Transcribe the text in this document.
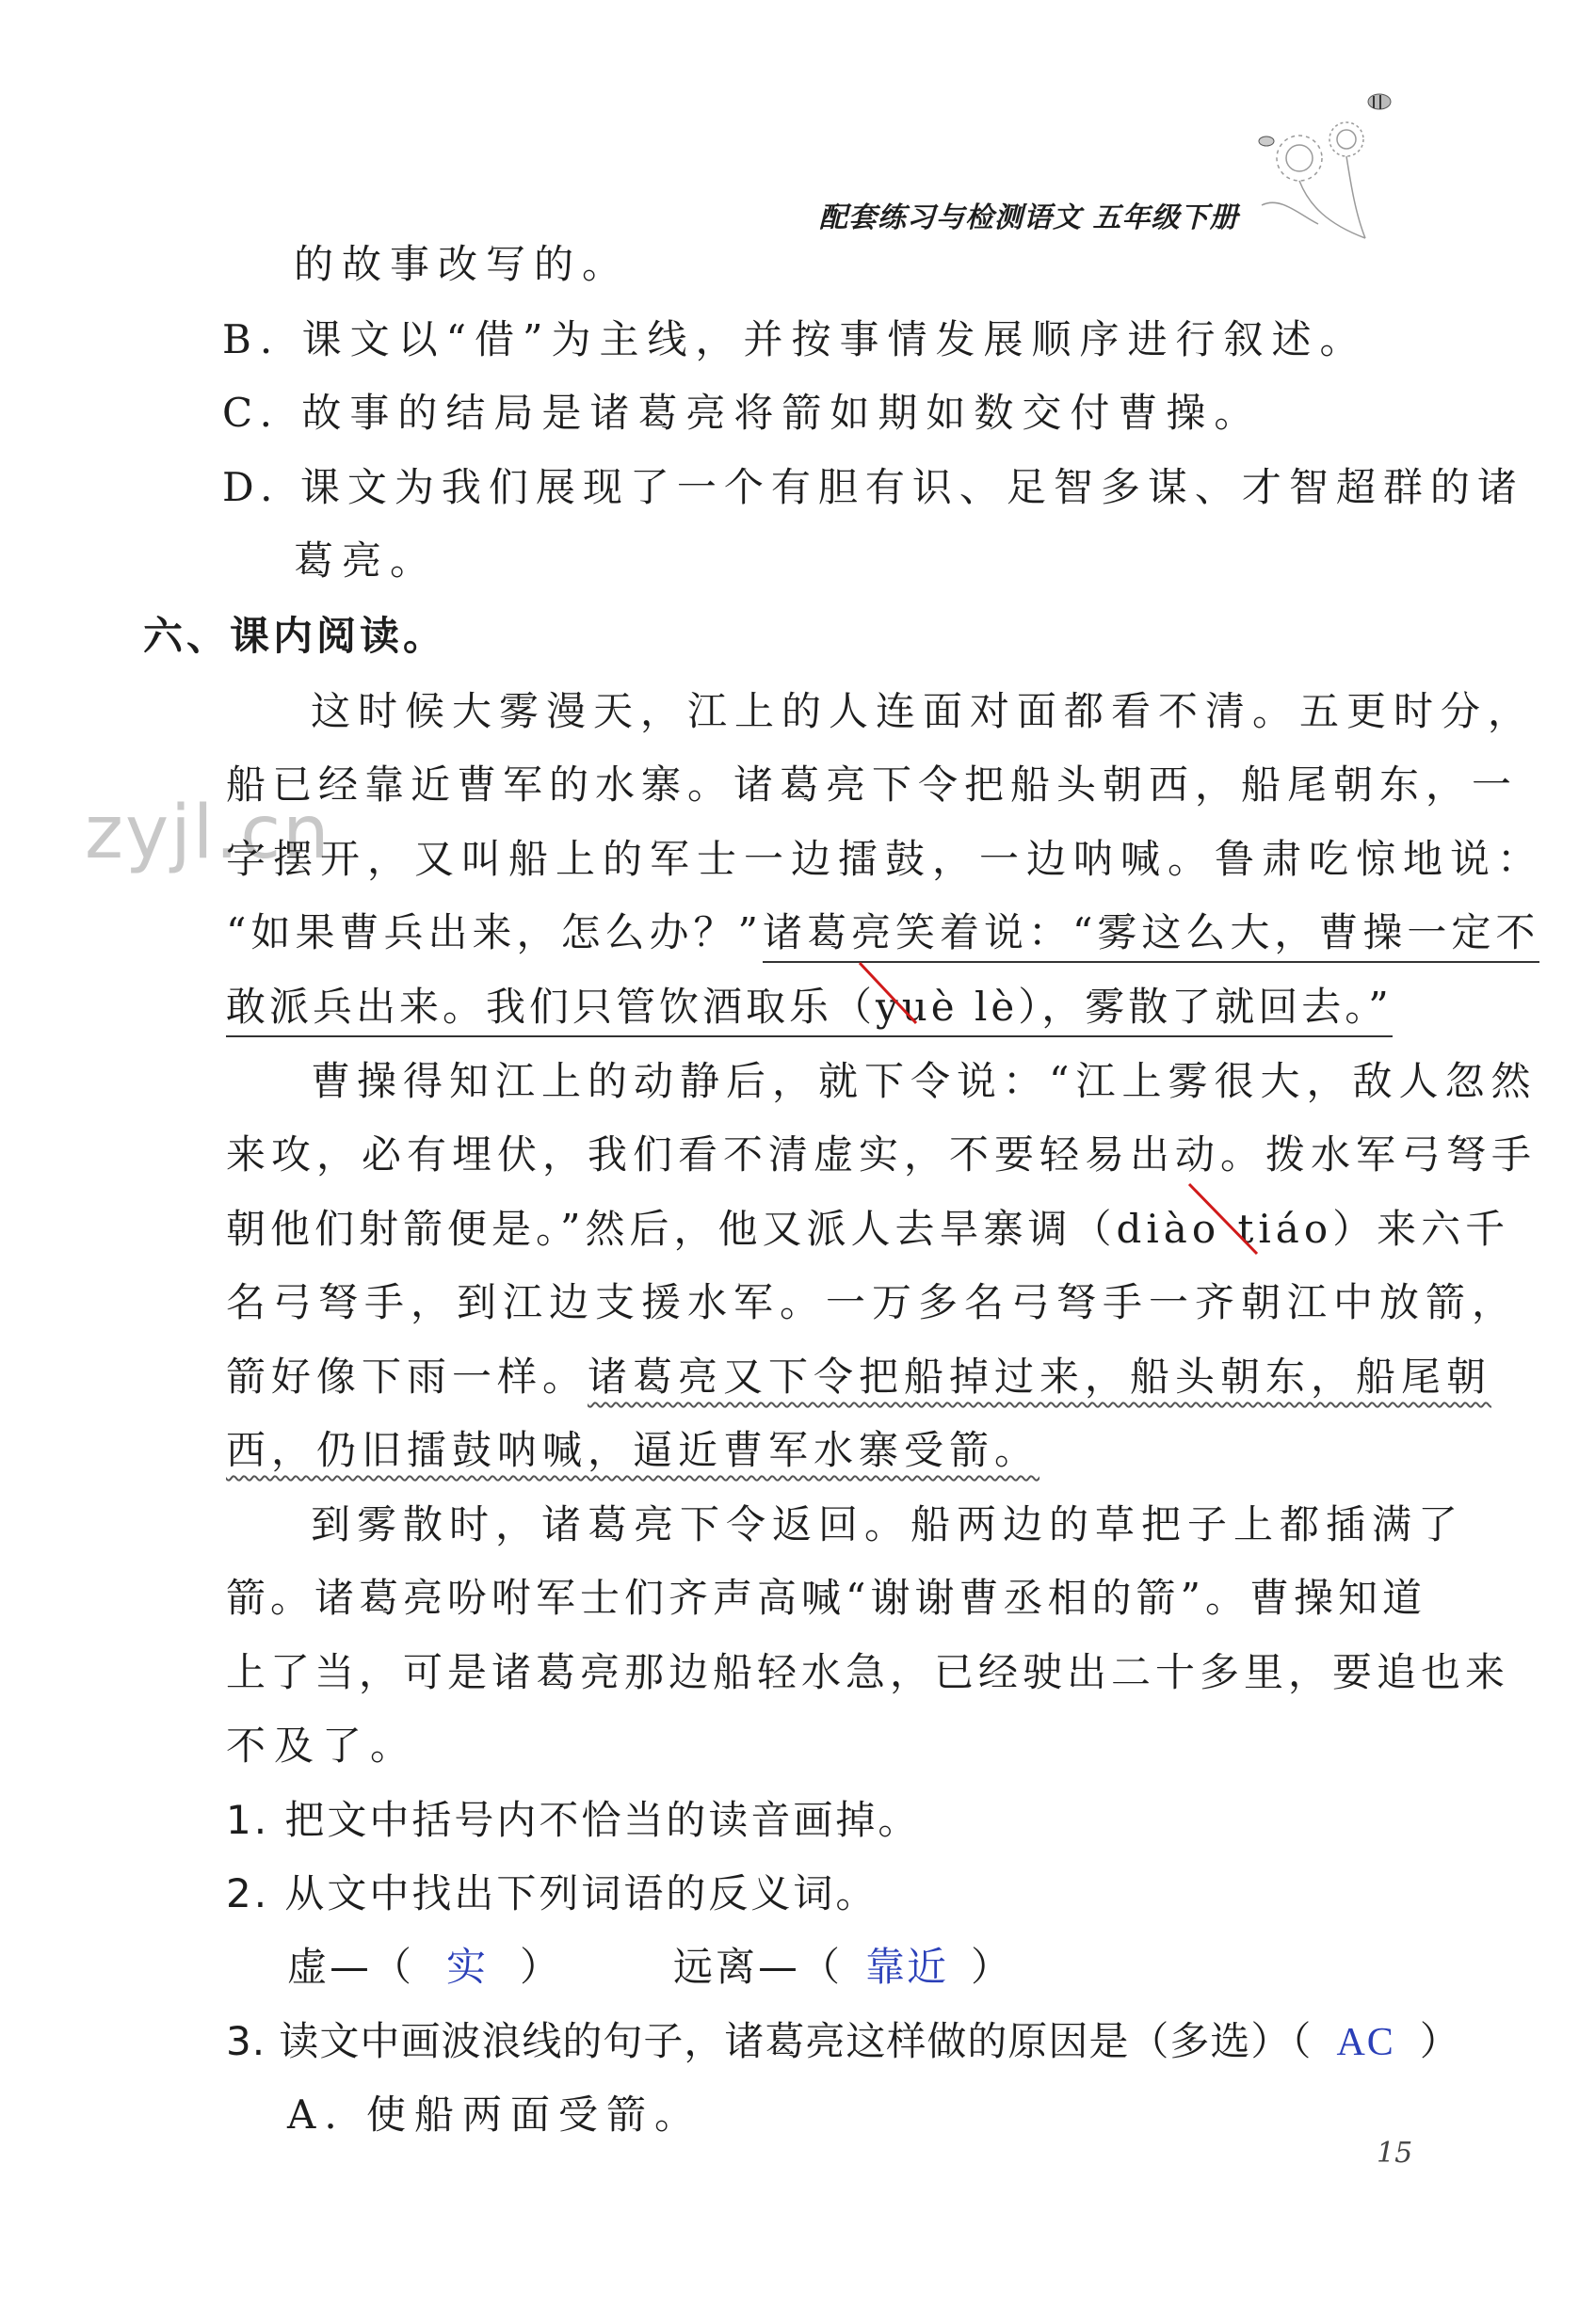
配套练习与检测语文 五年级下册
zyjl.cn
的故事改写的。
B. 课文以“借”为主线，并按事情发展顺序进行叙述。
C. 故事的结局是诸葛亮将箭如期如数交付曹操。
D. 课文为我们展现了一个有胆有识、足智多谋、才智超群的诸
葛亮。
六、课内阅读。
这时候大雾漫天，江上的人连面对面都看不清。五更时分，
船已经靠近曹军的水寨。诸葛亮下令把船头朝西，船尾朝东，一
字摆开，又叫船上的军士一边擂鼓，一边呐喊。鲁肃吃惊地说：
“如果曹兵出来，怎么办？”诸葛亮笑着说：“雾这么大，曹操一定不
敢派兵出来。我们只管饮酒取乐（yuè lè），雾散了就回去。”
曹操得知江上的动静后，就下令说：“江上雾很大，敌人忽然
来攻，必有埋伏，我们看不清虚实，不要轻易出动。拨水军弓弩手
朝他们射箭便是。”然后，他又派人去旱寨调（diào tiáo）来六千
名弓弩手，到江边支援水军。一万多名弓弩手一齐朝江中放箭，
箭好像下雨一样。诸葛亮又下令把船掉过来，船头朝东，船尾朝
西，仍旧擂鼓呐喊，逼近曹军水寨受箭。
到雾散时，诸葛亮下令返回。船两边的草把子上都插满了
箭。诸葛亮吩咐军士们齐声高喊“谢谢曹丞相的箭”。曹操知道
上了当，可是诸葛亮那边船轻水急，已经驶出二十多里，要追也来
不及了。
1. 把文中括号内不恰当的读音画掉。
2. 从文中找出下列词语的反义词。
虚—（ 实 ）	远离—（ 靠近 ）
3. 读文中画波浪线的句子，诸葛亮这样做的原因是（多选）（ AC ）
A. 使船两面受箭。
15
